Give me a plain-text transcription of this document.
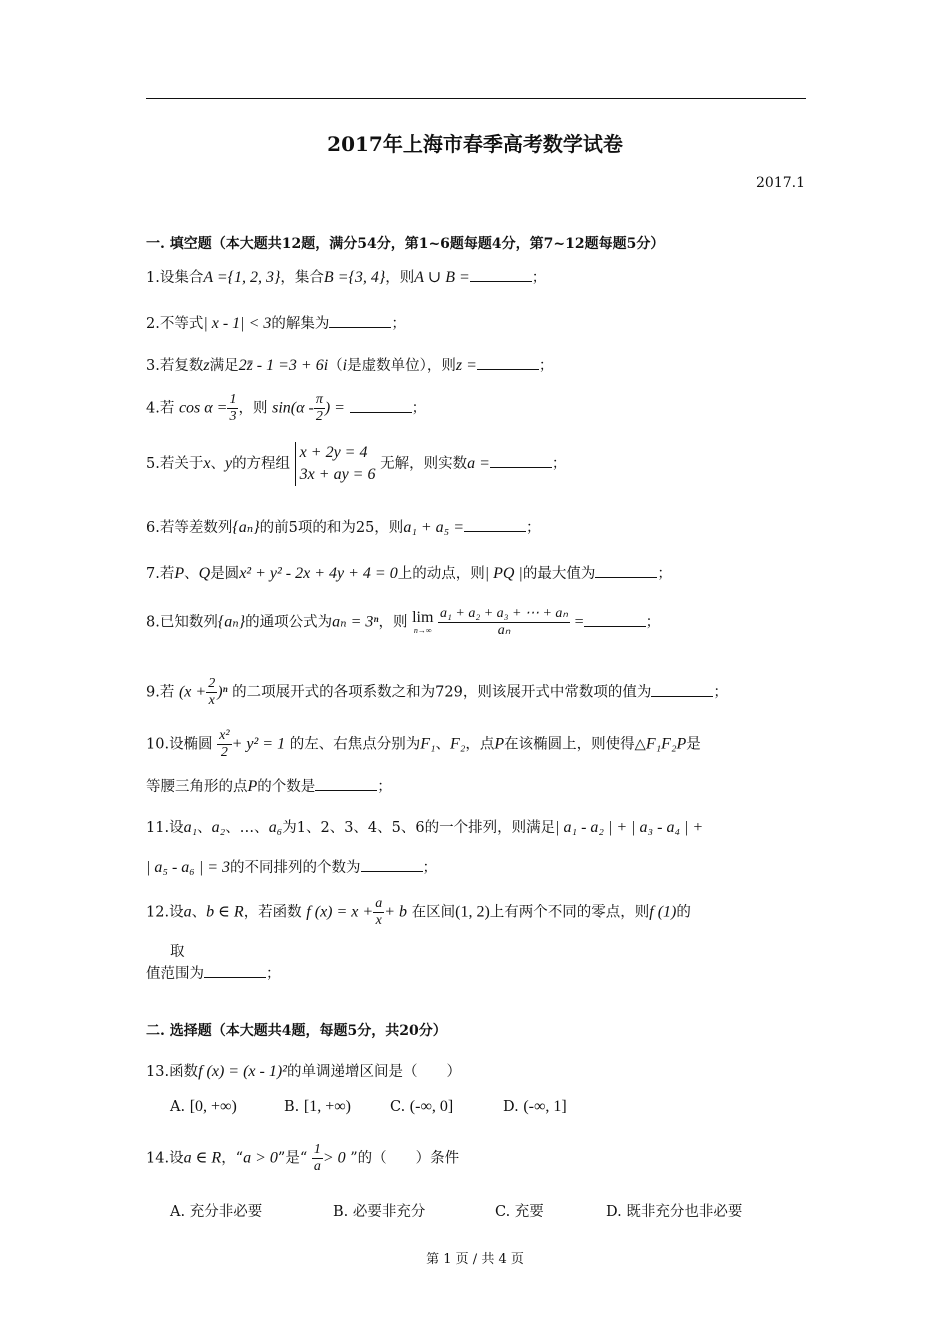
2017年上海市春季高考数学试卷
2017.1
一. 填空题（本大题共12题，满分54分，第1~6题每题4分，第7~12题每题5分）
1.设集合A ={1, 2, 3}，集合B ={3, 4}，则A ∪ B =	；
2.不等式| x - 1| < 3的解集为	；
3.若复数z满足2z̄ - 1 =3 + 6i（i是虚数单位），则z =	；
4.若 $\cos \alpha = \frac{1}{3}$ ，则 $\sin(\alpha - \frac{\pi}{2}$ ) =	；
5.若关于x、y的方程组
x + 2y = 4
3x + ay = 6
无解，则实数a =	；
6.若等差数列{aₙ}的前5项的和为25，则a₁ + a₅ =	；
7.若P、Q是圆x² + y² - 2x + 4y + 4 = 0上的动点，则| PQ |的最大值为	；
8.已知数列{aₙ}的通项公式为aₙ = 3ⁿ，则 lim
n→∞
$\frac{\text{a₁ + a₂ + a₃ + ⋯ + aₙ}}{\text{aₙ}}$ =	；
9.若 $(x + \frac{2}{x} )^n$ 的二项展开式的各项系数之和为729，则该展开式中常数项的值为	；
10.设椭圆 $\frac{\text{x²}}{2} + y^2 = 1$ 的左、右焦点分别为F₁、F₂，点P在该椭圆上，则使得△F₁F₂P是
等腰三角形的点P的个数是	；
11.设a₁、a₂、…、a₆为1、2、3、4、5、6的一个排列，则满足| a₁ - a₂ | + | a₃ - a₄ | +
| a₅ - a₆ | = 3的不同排列的个数为	；
12.设a、b ∈ R，若函数 f $(x) = x + \frac{a}{x} + b$ 在区间(1, 2)上有两个不同的零点，则f (1)的
取
值范围为	；
二. 选择题（本大题共4题，每题5分，共20分）
13.函数f (x) = (x - 1)²的单调递增区间是（　　）
A. [0, +∞)	B. [1, +∞)	C. (-∞, 0]	D. (-∞, 1]
14.设a ∈ R，“a > 0”是“ $\frac{1}{a} > 0$ ”的（　　）条件
A. 充分非必要	B. 必要非充分	C. 充要	D. 既非充分也非必要
第 1 页 / 共 4 页
